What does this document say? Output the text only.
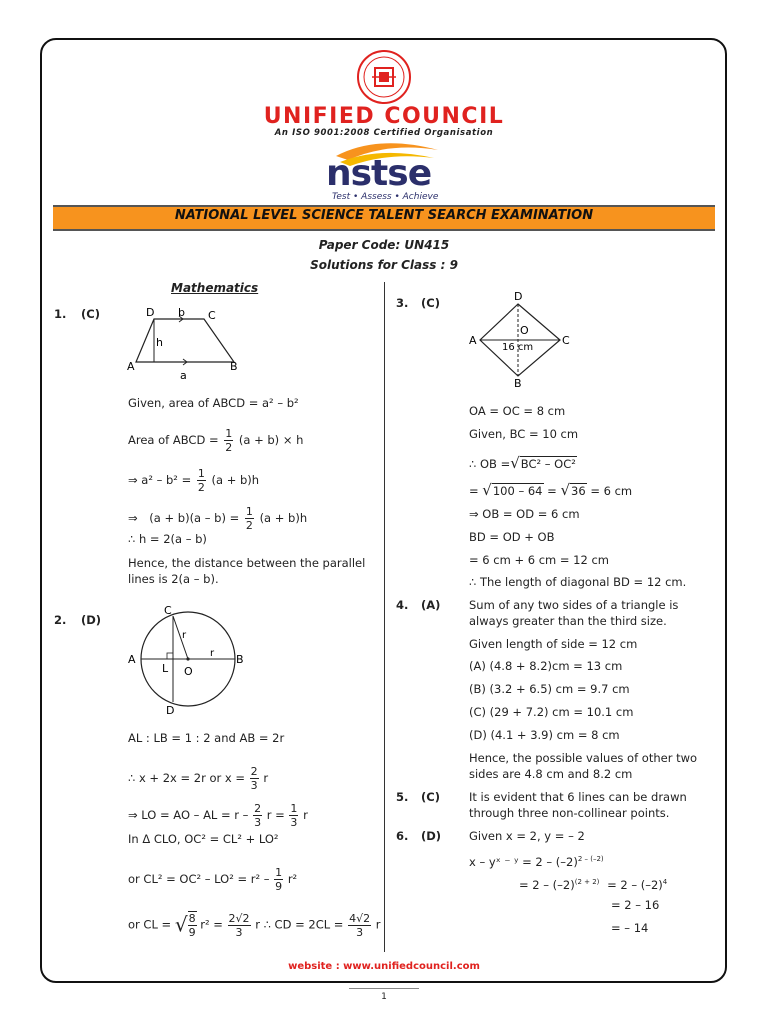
UNIFIED COUNCIL
An ISO 9001:2008 Certified Organisation
nstse
Test • Assess • Achieve
NATIONAL LEVEL SCIENCE TALENT SEARCH EXAMINATION
Paper Code: UN415
Solutions for Class : 9
Mathematics
1. (C)	D b C
h
A	B
a
Given, area of ABCD = a² – b²
Area of ABCD = $\frac{1}{2} (a + b) \times h$
⇒ $a^2 - b^2 = \frac{1}{2} (a + b)h$
⇒ $(a + b)(a - b) = \frac{1}{2} (a + b)h$
∴ h = 2(a – b)
Hence, the distance between the parallel
lines is 2(a – b).
2. (D)
C
A	B
L O
D
r
r
AL : LB = 1 : 2 and AB = 2r
∴ x + 2x = 2r or $x = \frac{2}{3}$ r
⇒ LO = AO – AL = r – $\frac{2}{3}$ $r = \frac{1}{3}$ r
In Δ CLO, OC² = CL² + LO²
or $CL^2 = OC^2 - LO^2 = r^2 - \frac{1}{9} r^2$
or CL = √ $\frac{8}{9} r^2 = \frac{2√2}{3}$ r ∴ CD = $2CL = \frac{4√2}{3}$ r
3. (C)	D
A	C
B
O
16 cm
OA = OC = 8 cm
Given, BC = 10 cm
∴ OB =√BC² – OC²
= √100 – 64 = √36 = 6 cm
⇒ OB = OD = 6 cm
BD = OD + OB
= 6 cm + 6 cm = 12 cm
∴ The length of diagonal BD = 12 cm.
4. (A) Sum of any two sides of a triangle is
always greater than the third size.
Given length of side = 12 cm
(A) (4.8 + 8.2)cm = 13 cm
(B) (3.2 + 6.5) cm = 9.7 cm
(C) (29 + 7.2) cm = 10.1 cm
(D) (4.1 + 3.9) cm = 8 cm
Hence, the possible values of other two
sides are 4.8 cm and 8.2 cm
5. (C)	It is evident that 6 lines can be drawn
through three non-collinear points.
6. (D) Given x = 2, y = – 2
x – yˣ ⁻ ʸ = $2 - (-2)^{2 - (-2)}$
= $2 - (-2)^{(2 + 2)} = 2 - (-2)^4$
= 2 – 16
= – 14
website : www.unifiedcouncil.com
1
